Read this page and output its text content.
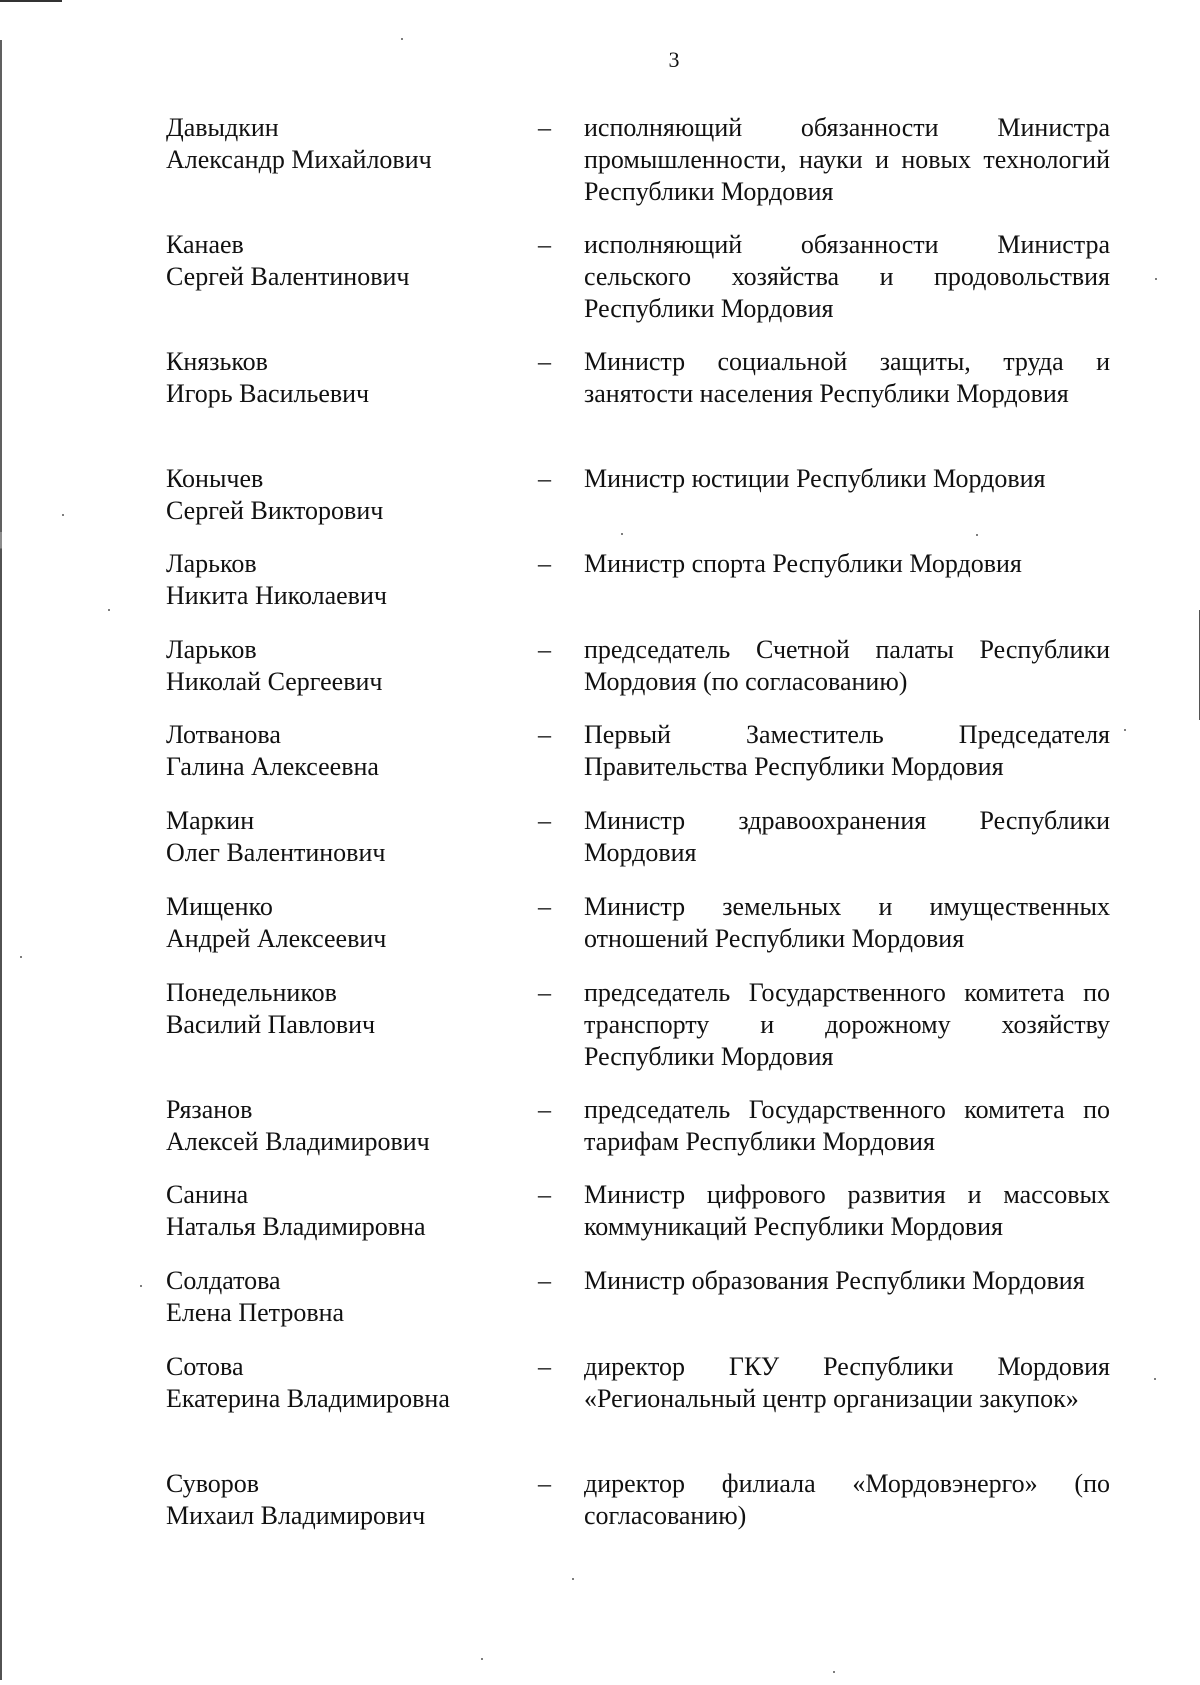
3
Давыдкин
Александр Михайлович
–	исполняющий обязанности Министра промышленности, науки и новых технологий Республики Мордовия
Канаев
Сергей Валентинович
–	исполняющий обязанности Министра сельского хозяйства и продовольствия Республики Мордовия
Князьков
Игорь Васильевич
–	Министр социальной защиты, труда и занятости населения Республики Мордовия
Конычев
Сергей Викторович
–	Министр юстиции Республики Мордовия
Ларьков
Никита Николаевич
–	Министр спорта Республики Мордовия
Ларьков
Николай Сергеевич
–	председатель Счетной палаты Республики Мордовия (по согласованию)
Лотванова
Галина Алексеевна
–	Первый Заместитель Председателя Правительства Республики Мордовия
Маркин
Олег Валентинович
–	Министр здравоохранения Республики Мордовия
Мищенко
Андрей Алексеевич
–	Министр земельных и имущественных отношений Республики Мордовия
Понедельников
Василий Павлович
–	председатель Государственного комитета по транспорту и дорожному хозяйству Республики Мордовия
Рязанов
Алексей Владимирович
–	председатель Государственного комитета по тарифам Республики Мордовия
Санина
Наталья Владимировна
–	Министр цифрового развития и массовых коммуникаций Республики Мордовия
Солдатова
Елена Петровна
–	Министр образования Республики Мордовия
Сотова
Екатерина Владимировна
–	директор ГКУ Республики Мордовия «Региональный центр организации закупок»
Суворов
Михаил Владимирович
–	директор филиала «Мордовэнерго» (по согласованию)
